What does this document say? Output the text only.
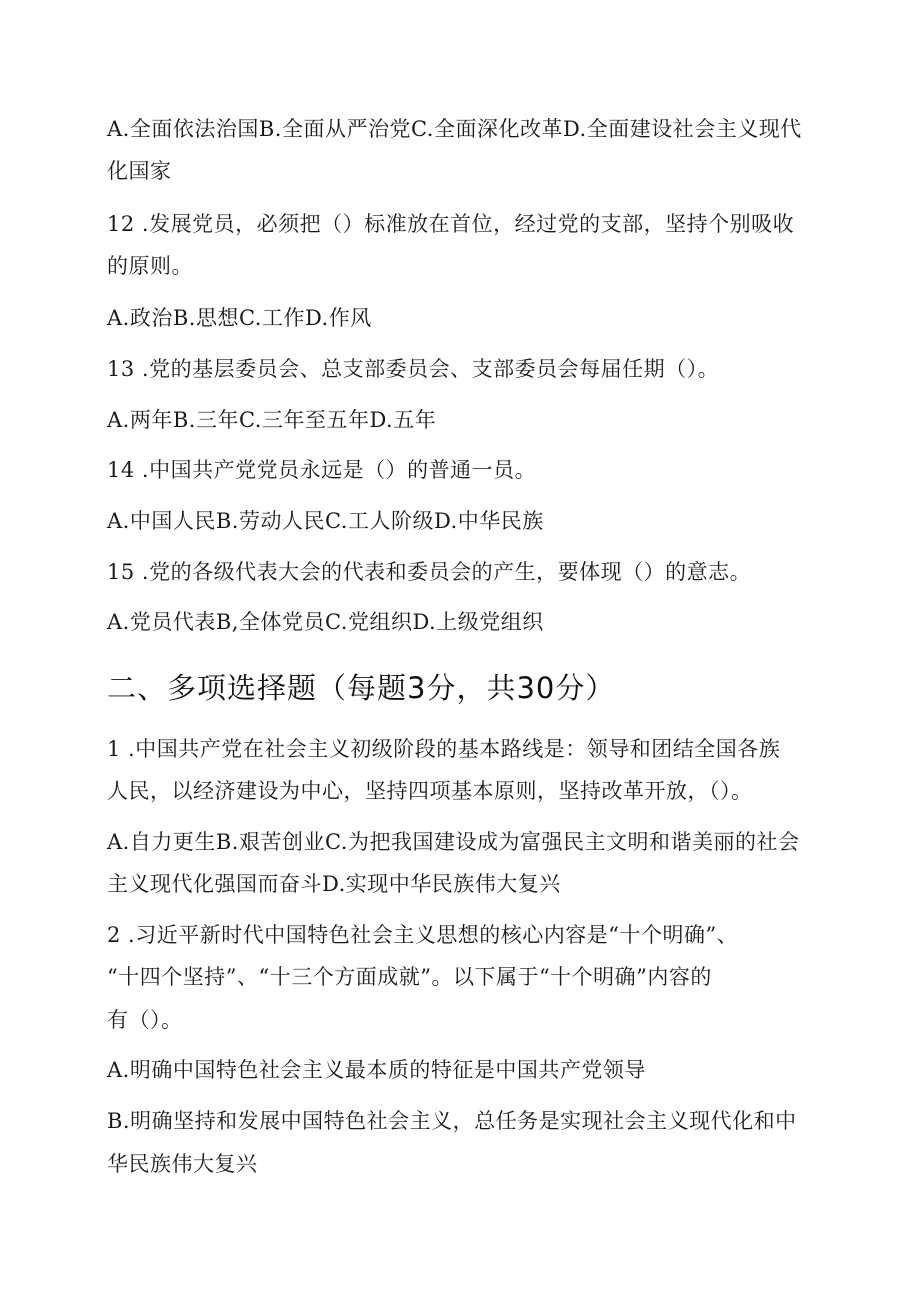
A.全面依法治国B.全面从严治党C.全面深化改革D.全面建设社会主义现代
化国家
12 .发展党员，必须把（）标准放在首位，经过党的支部，坚持个别吸收
的原则。
A.政治B.思想C.工作D.作风
13 .党的基层委员会、总支部委员会、支部委员会每届任期（）。
A.两年B.三年C.三年至五年D.五年
14 .中国共产党党员永远是（）的普通一员。
A.中国人民B.劳动人民C.工人阶级D.中华民族
15 .党的各级代表大会的代表和委员会的产生，要体现（）的意志。
A.党员代表B,全体党员C.党组织D.上级党组织
二、多项选择题（每题3分，共30分）
1 .中国共产党在社会主义初级阶段的基本路线是：领导和团结全国各族
人民，以经济建设为中心，坚持四项基本原则，坚持改革开放，（）。
A.自力更生B.艰苦创业C.为把我国建设成为富强民主文明和谐美丽的社会
主义现代化强国而奋斗D.实现中华民族伟大复兴
2 .习近平新时代中国特色社会主义思想的核心内容是“十个明确”、
“十四个坚持”、“十三个方面成就”。以下属于“十个明确”内容的
有（）。
A.明确中国特色社会主义最本质的特征是中国共产党领导
B.明确坚持和发展中国特色社会主义，总任务是实现社会主义现代化和中
华民族伟大复兴
